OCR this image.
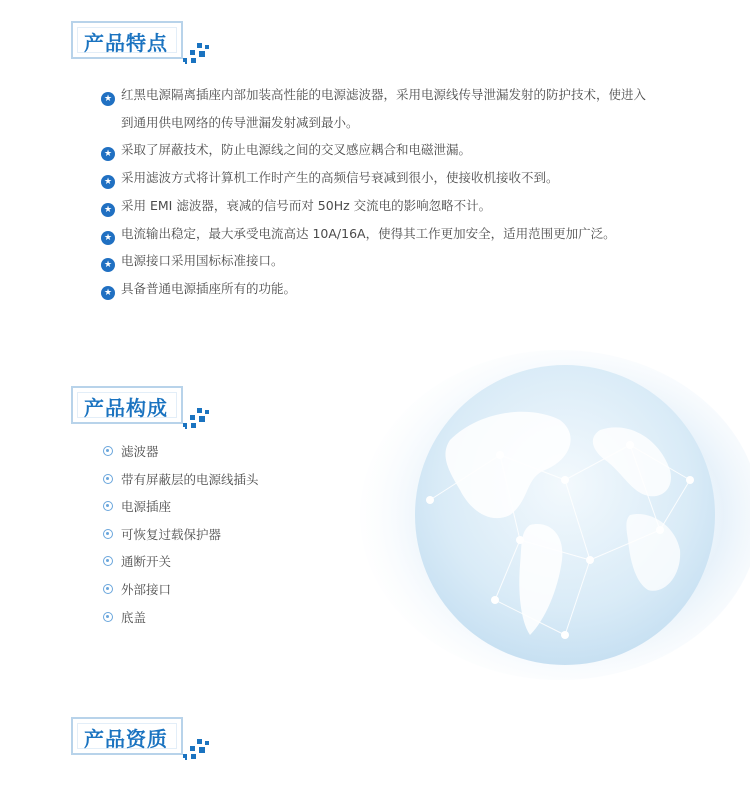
产品特点
★ 红黑电源隔离插座内部加装高性能的电源滤波器，采用电源线传导泄漏发射的防护技术，使进入
到通用供电网络的传导泄漏发射减到最小。
★ 采取了屏蔽技术，防止电源线之间的交叉感应耦合和电磁泄漏。
★ 采用滤波方式将计算机工作时产生的高频信号衰减到很小，使接收机接收不到。
★ 采用 EMI 滤波器，衰减的信号而对 50Hz 交流电的影响忽略不计。
★ 电流输出稳定，最大承受电流高达 10A/16A，使得其工作更加安全，适用范围更加广泛。
★ 电源接口采用国标标准接口。
★ 具备普通电源插座所有的功能。
产品构成
滤波器
带有屏蔽层的电源线插头
电源插座
可恢复过载保护器
通断开关
外部接口
底盖
产品资质
